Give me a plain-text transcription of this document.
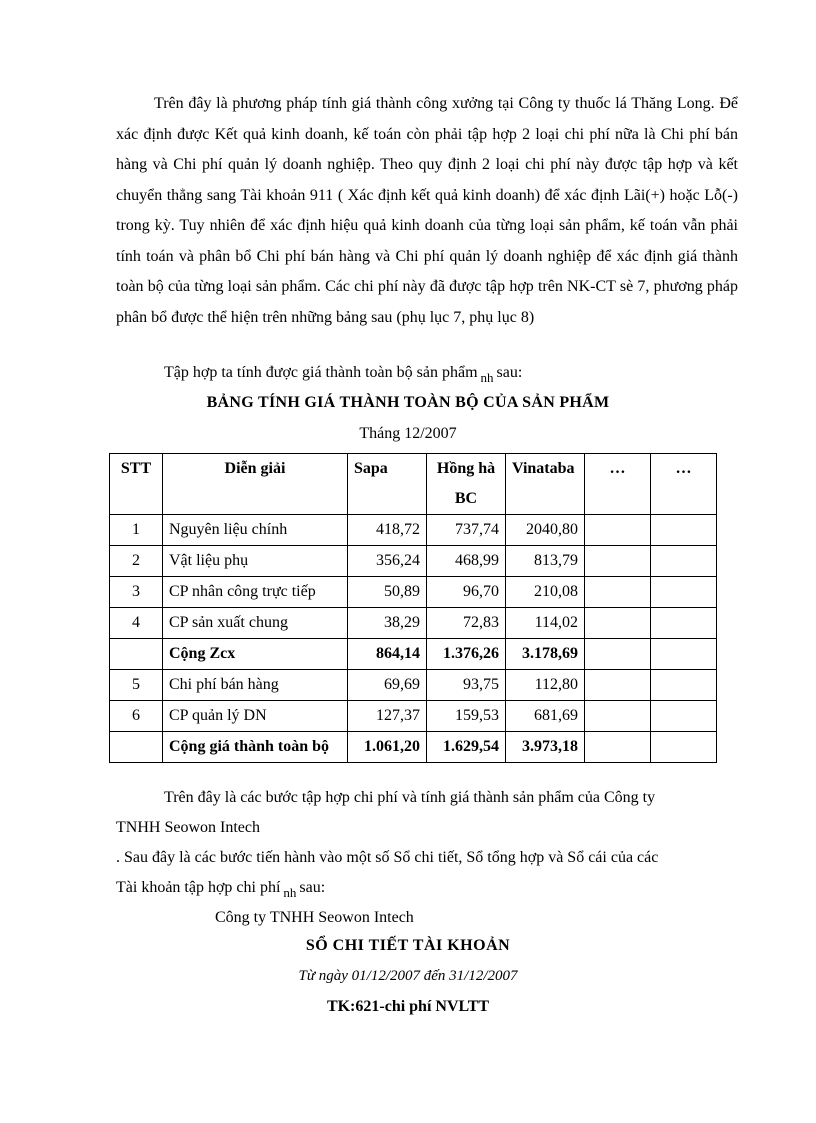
Trên đây là phương pháp tính giá thành công xưởng tại Công ty thuốc lá Thăng Long. Để xác định được Kết quả kinh doanh, kế toán còn phải tập hợp 2 loại chi phí nữa là Chi phí bán hàng và Chi phí quản lý doanh nghiệp. Theo quy định 2 loại chi phí này được tập hợp và kết chuyển thẳng sang Tài khoản 911 ( Xác định kết quả kinh doanh) để xác định Lãi(+) hoặc Lỗ(-) trong kỳ. Tuy nhiên để xác định hiệu quả kinh doanh của từng loại sản phẩm, kế toán vẫn phải tính toán và phân bổ Chi phí bán hàng và Chi phí quản lý doanh nghiệp để xác định giá thành toàn bộ của từng loại sản phẩm. Các chi phí này đã được tập hợp trên NK-CT sè 7, phương pháp phân bổ được thể hiện trên những bảng sau (phụ lục 7, phụ lục 8)

Tập hợp ta tính được giá thành toàn bộ sản phẩm $_{nh}$ sau:

BẢNG TÍNH GIÁ THÀNH TOÀN BỘ CỦA SẢN PHẨM

Tháng 12/2007

STT	Diễn giải	Sapa	Hồng hà BC	Vinataba	…	…
1	Nguyên liệu chính	418,72	737,74	2040,80		
2	Vật liệu phụ	356,24	468,99	813,79		
3	CP nhân công trực tiếp	50,89	96,70	210,08		
4	CP sản xuất chung	38,29	72,83	114,02		
	Cộng Zcx	864,14	1.376,26	3.178,69		
5	Chi phí bán hàng	69,69	93,75	112,80		
6	CP quản lý DN	127,37	159,53	681,69		
	Cộng giá thành toàn bộ	1.061,20	1.629,54	3.973,18		

Trên đây là các bước tập hợp chi phí và tính giá thành sản phẩm của Công ty

TNHH Seowon Intech

. Sau đây là các bước tiến hành vào một số Sổ chi tiết, Sổ tổng hợp và Sổ cái của các

Tài khoản tập hợp chi phí $_{nh}$ sau:

Công ty TNHH Seowon Intech

SỔ CHI TIẾT TÀI KHOẢN

Từ ngày 01/12/2007 đến 31/12/2007

TK:621-chi phí NVLTT
